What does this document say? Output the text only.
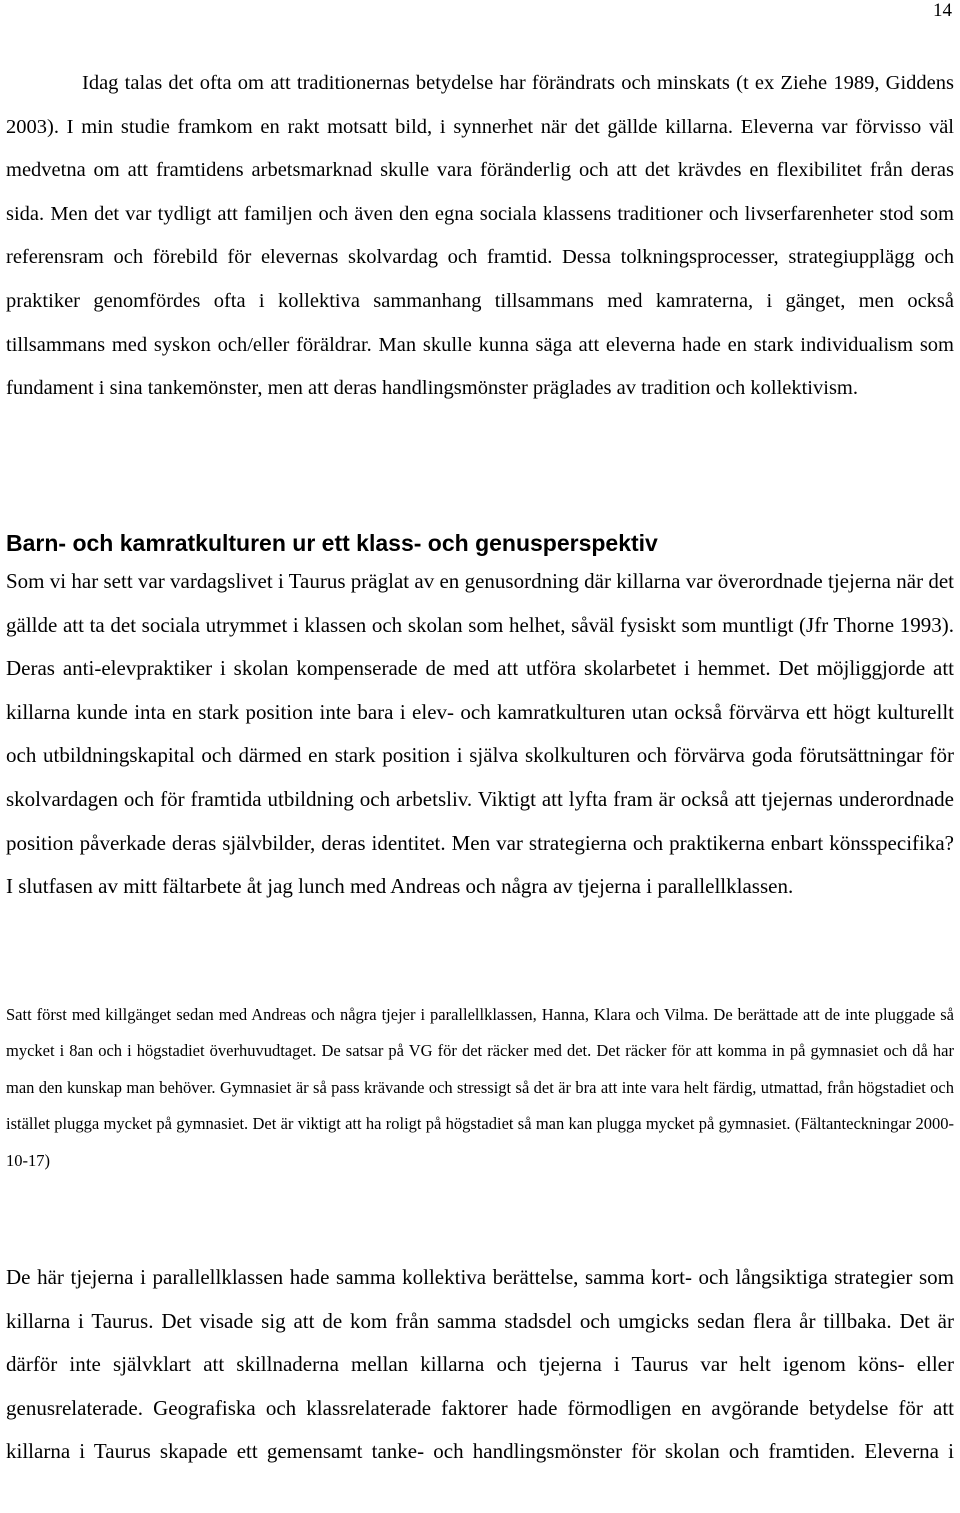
14

Idag talas det ofta om att traditionernas betydelse har förändrats och minskats (t ex Ziehe 1989, Giddens 2003). I min studie framkom en rakt motsatt bild, i synnerhet när det gällde killarna. Eleverna var förvisso väl medvetna om att framtidens arbetsmarknad skulle vara föränderlig och att det krävdes en flexibilitet från deras sida. Men det var tydligt att familjen och även den egna sociala klassens traditioner och livserfarenheter stod som referensram och förebild för elevernas skolvardag och framtid. Dessa tolkningsprocesser, strategiupplägg och praktiker genomfördes ofta i kollektiva sammanhang tillsammans med kamraterna, i gänget, men också tillsammans med syskon och/eller föräldrar. Man skulle kunna säga att eleverna hade en stark individualism som fundament i sina tankemönster, men att deras handlingsmönster präglades av tradition och kollektivism.

Barn- och kamratkulturen ur ett klass- och genusperspektiv

Som vi har sett var vardagslivet i Taurus präglat av en genusordning där killarna var överordnade tjejerna när det gällde att ta det sociala utrymmet i klassen och skolan som helhet, såväl fysiskt som muntligt (Jfr Thorne 1993). Deras anti-elevpraktiker i skolan kompenserade de med att utföra skolarbetet i hemmet. Det möjliggjorde att killarna kunde inta en stark position inte bara i elev- och kamratkulturen utan också förvärva ett högt kulturellt och utbildningskapital och därmed en stark position i själva skolkulturen och förvärva goda förutsättningar för skolvardagen och för framtida utbildning och arbetsliv. Viktigt att lyfta fram är också att tjejernas underordnade position påverkade deras självbilder, deras identitet. Men var strategierna och praktikerna enbart könsspecifika? I slutfasen av mitt fältarbete åt jag lunch med Andreas och några av tjejerna i parallellklassen.

Satt först med killgänget sedan med Andreas och några tjejer i parallellklassen, Hanna, Klara och Vilma. De berättade att de inte pluggade så mycket i 8an och i högstadiet överhuvudtaget. De satsar på VG för det räcker med det. Det räcker för att komma in på gymnasiet och då har man den kunskap man behöver. Gymnasiet är så pass krävande och stressigt så det är bra att inte vara helt färdig, utmattad, från högstadiet och istället plugga mycket på gymnasiet. Det är viktigt att ha roligt på högstadiet så man kan plugga mycket på gymnasiet. (Fältanteckningar 2000-10-17)

De här tjejerna i parallellklassen hade samma kollektiva berättelse, samma kort- och långsiktiga strategier som killarna i Taurus. Det visade sig att de kom från samma stadsdel och umgicks sedan flera år tillbaka. Det är därför inte självklart att skillnaderna mellan killarna och tjejerna i Taurus var helt igenom köns- eller genusrelaterade. Geografiska och klassrelaterade faktorer hade förmodligen en avgörande betydelse för att killarna i Taurus skapade ett gemensamt tanke- och handlingsmönster för skolan och framtiden. Eleverna i
